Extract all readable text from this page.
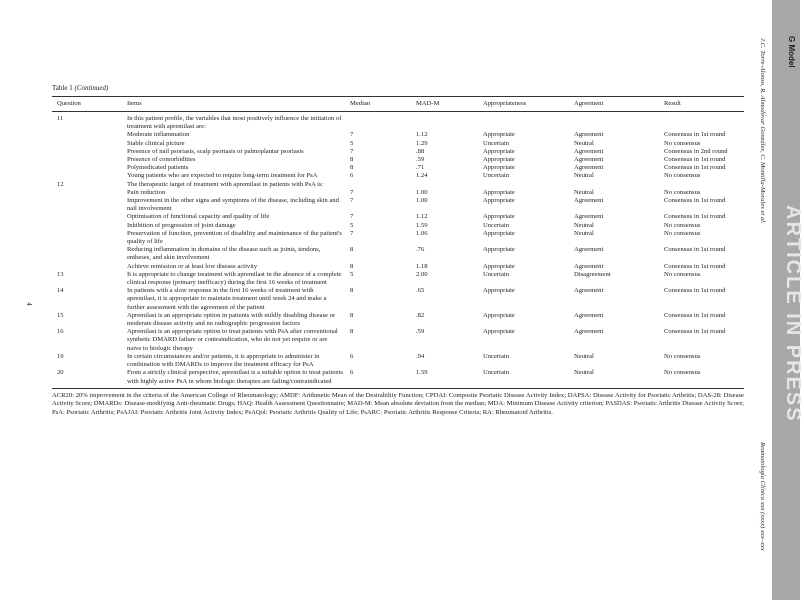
4
Table 1 (Continued)
Question	Items	Median	MAD-M	Appropriateness	Agreement	Result
11	In this patient profile, the variables that most positively influence the initiation of treatment with apremilast are:					
	Moderate inflammation	7	1.12	Appropriate	Agreement	Consensus in 1st round
	Stable clinical picture	5	1.29	Uncertain	Neutral	No consensus
	Presence of nail psoriasis, scalp psoriasis or palmoplantar psoriasis	7	.88	Appropriate	Agreement	Consensus in 2nd round
	Presence of comorbidities	8	.59	Appropriate	Agreement	Consensus in 1st round
	Polymedicated patients	8	.71	Appropriate	Agreement	Consensus in 1st round
	Young patients who are expected to require long-term treatment for PsA	6	1.24	Uncertain	Neutral	No consensus
12	The therapeutic target of treatment with apremilast in patients with PsA is:					
	Pain reduction	7	1.00	Appropriate	Neutral	No consensus
	Improvement in the other signs and symptoms of the disease, including skin and nail involvement	7	1.00	Appropriate	Agreement	Consensus in 1st round
	Optimisation of functional capacity and quality of life	7	1.12	Appropriate	Agreement	Consensus in 1st round
	Inhibition of progression of joint damage	5	1.59	Uncertain	Neutral	No consensus
	Preservation of function, prevention of disability and maintenance of the patient's quality of life	7	1.06	Appropriate	Neutral	No consensus
	Reducing inflammation in domains of the disease such as joints, tendons, entheses, and skin involvement	8	.76	Appropriate	Agreement	Consensus in 1st round
	Achieve remission or at least low disease activity	8	1.18	Appropriate	Agreement	Consensus in 1st round
13	It is appropriate to change treatment with apremilast in the absence of a complete clinical response (primary inefficacy) during the first 16 weeks of treatment	5	2.00	Uncertain	Disagreement	No consensus
14	In patients with a slow response in the first 16 weeks of treatment with apremilast, it is appropriate to maintain treatment until week 24 and make a further assessment with the agreement of the patient	8	.65	Appropriate	Agreement	Consensus in 1st round
15	Apremilast is an appropriate option in patients with mildly disabling disease or moderate disease activity and no radiographic progression factors	8	.82	Appropriate	Agreement	Consensus in 1st round
16	Apremilast is an appropriate option to treat patients with PsA after conventional synthetic DMARD failure or contraindication, who do not yet require or are naive to biologic therapy	8	.59	Appropriate	Agreement	Consensus in 1st round
19	In certain circumstances and/or patients, it is appropriate to administer in combination with DMARDs to improve the treatment efficacy for PsA	6	.94	Uncertain	Neutral	No consensus
20	From a strictly clinical perspective, apremilast is a suitable option to treat patients with highly active PsA in whom biologic therapies are failing/contraindicated	6	1.59	Uncertain	Neutral	No consensus
ACR20: 20% improvement in the criteria of the American College of Rheumatology; AMDF: Arithmetic Mean of the Desirability Function; CPDAI: Composite Psoriatic Disease Activity Index; DAPSA: Disease Activity for Psoriatic Arthritis; DAS-28: Disease Activity Score; DMARDs: Disease-modifying Anti-rheumatic Drugs; HAQ: Health Assessment Questionnaire; MAD-M: Mean absolute deviation from the median; MDA: Minimum Disease Activity criterion; PASDAS: Psoriatic Arthritis Disease Activity Score; PsA: Psoriatic Arthritis; PsAJAI: Psoriatic Arthritis Joint Activity Index; PsAQol: Psoriatic Arthritis Quality of Life; PsARC: Psoriatic Arthritis Response Criteria; RA: Rheumatoid Arthritis.	ARTICLE IN PRESS
G Model
J.C. Torre-Alonso, R. Almodóvar González, C. Montilla-Morales et al.
Reumatología Clínica xxx (xxxx) xxx–xxx
